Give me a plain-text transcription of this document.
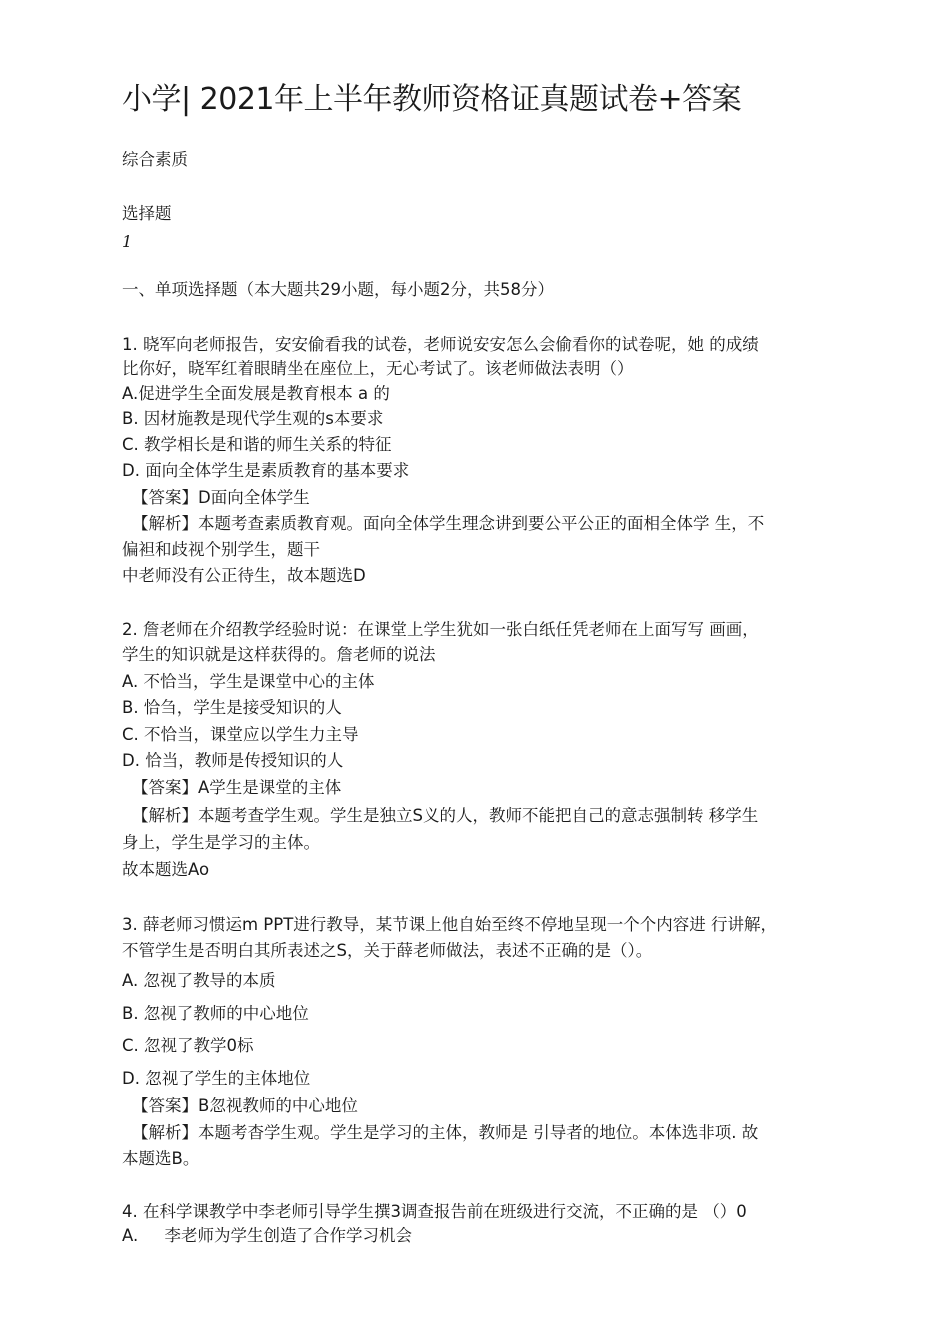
小学| 2021年上半年教师资格证真题试卷+答案
综合素质
选择题
1
一、单项选择题（本大题共29小题，每小题2分，共58分）
1. 晓军向老师报告，安安偷看我的试卷，老师说安安怎么会偷看你的试卷呢，她 的成绩
比你好，晓军红着眼睛坐在座位上，无心考试了。该老师做法表明（）
A.促进学生全面发展是教育根本 a 的
B. 因材施教是现代学生观的s本要求
C. 教学相长是和谐的师生关系的特征
D. 面向全体学生是素质教育的基本要求
【答案】D面向全体学生
【解析】本题考查素质教育观。面向全体学生理念讲到要公平公正的面相全体学 生，不
偏袒和歧视个别学生，题干
中老师没有公正待生，故本题选D
2. 詹老师在介绍教学经验时说：在课堂上学生犹如一张白纸任凭老师在上面写写 画画，
学生的知识就是这样获得的。詹老师的说法
A. 不恰当，学生是课堂中心的主体
B. 恰刍，学生是接受知识的人
C. 不恰当，课堂应以学生力主导
D. 恰当，教师是传授知识的人
【答案】A学生是课堂的主体
【解析】本题考查学生观。学生是独立S义的人，教师不能把自己的意志强制转 移学生
身上，学生是学习的主体。
故本题选Ao
3. 薛老师习惯运m PPT进行教导，某节课上他自始至终不停地呈现一个个内容进 行讲解，
不管学生是否明白其所表述之S，关于薛老师做法，表述不正确的是（）。
A. 忽视了教导的本质
B. 忽视了教师的中心地位
C. 忽视了教学0标
D. 忽视了学生的主体地位
【答案】B忽视教师的中心地位
【解析】本题考杳学生观。学生是学习的主体，教师是 引导者的地位。本体选非项. 故
本题选B。
4. 在科学课教学中李老师引导学生撰3调查报告前在班级进行交流，不正确的是 （）0
A.     李老师为学生创造了合作学习机会
